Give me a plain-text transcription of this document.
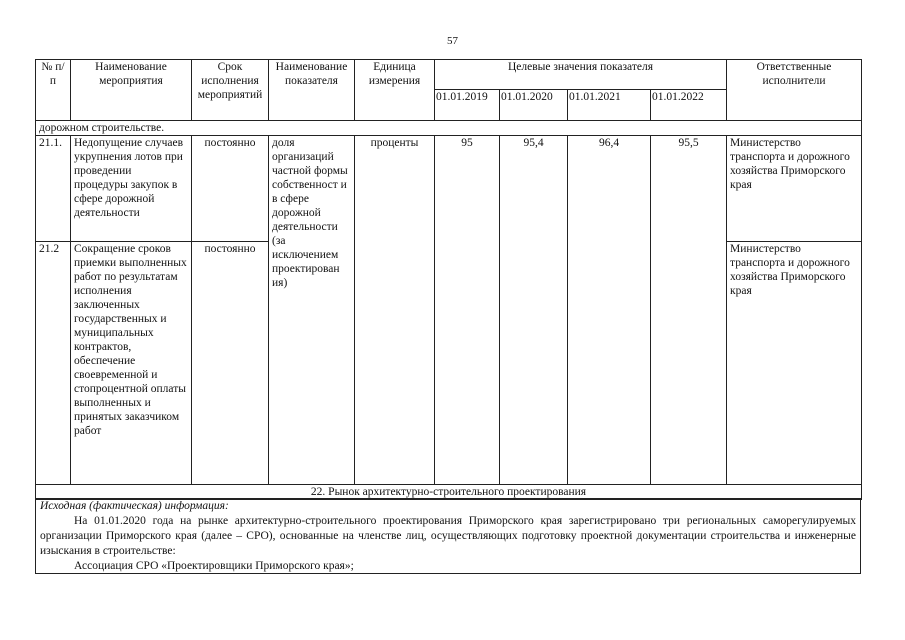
57
№ п/п	Наименование мероприятия	Срок исполнения мероприятий	Наименование показателя	Единица измерения	Целевые значения показателя				Ответственные исполнители
					01.01.2019	01.01.2020	01.01.2021	01.01.2022	
дорожном строительстве.									
21.1.	Недопущение случаев укрупнения лотов при проведении процедуры закупок в сфере дорожной деятельности	постоянно	доля организаций частной формы собственност и в сфере дорожной деятельности (за исключением проектирован ия)	проценты	95	95,4	96,4	95,5	Министерство транспорта и дорожного хозяйства Приморского края
21.2	Сокращение сроков приемки выполненных работ по результатам исполнения заключенных государственных и муниципальных контрактов, обеспечение своевременной и стопроцентной оплаты выполненных и принятых заказчиком работ	постоянно							Министерство транспорта и дорожного хозяйства Приморского края
22. Рынок архитектурно-строительного проектирования									
Исходная (фактическая) информация:
На 01.01.2020 года на рынке архитектурно-строительного проектирования Приморского края зарегистрировано три региональных саморегулируемых организации Приморского края (далее – СРО), основанные на членстве лиц, осуществляющих подготовку проектной документации строительства и инженерные изыскания в строительстве:
Ассоциация СРО «Проектировщики Приморского края»;
